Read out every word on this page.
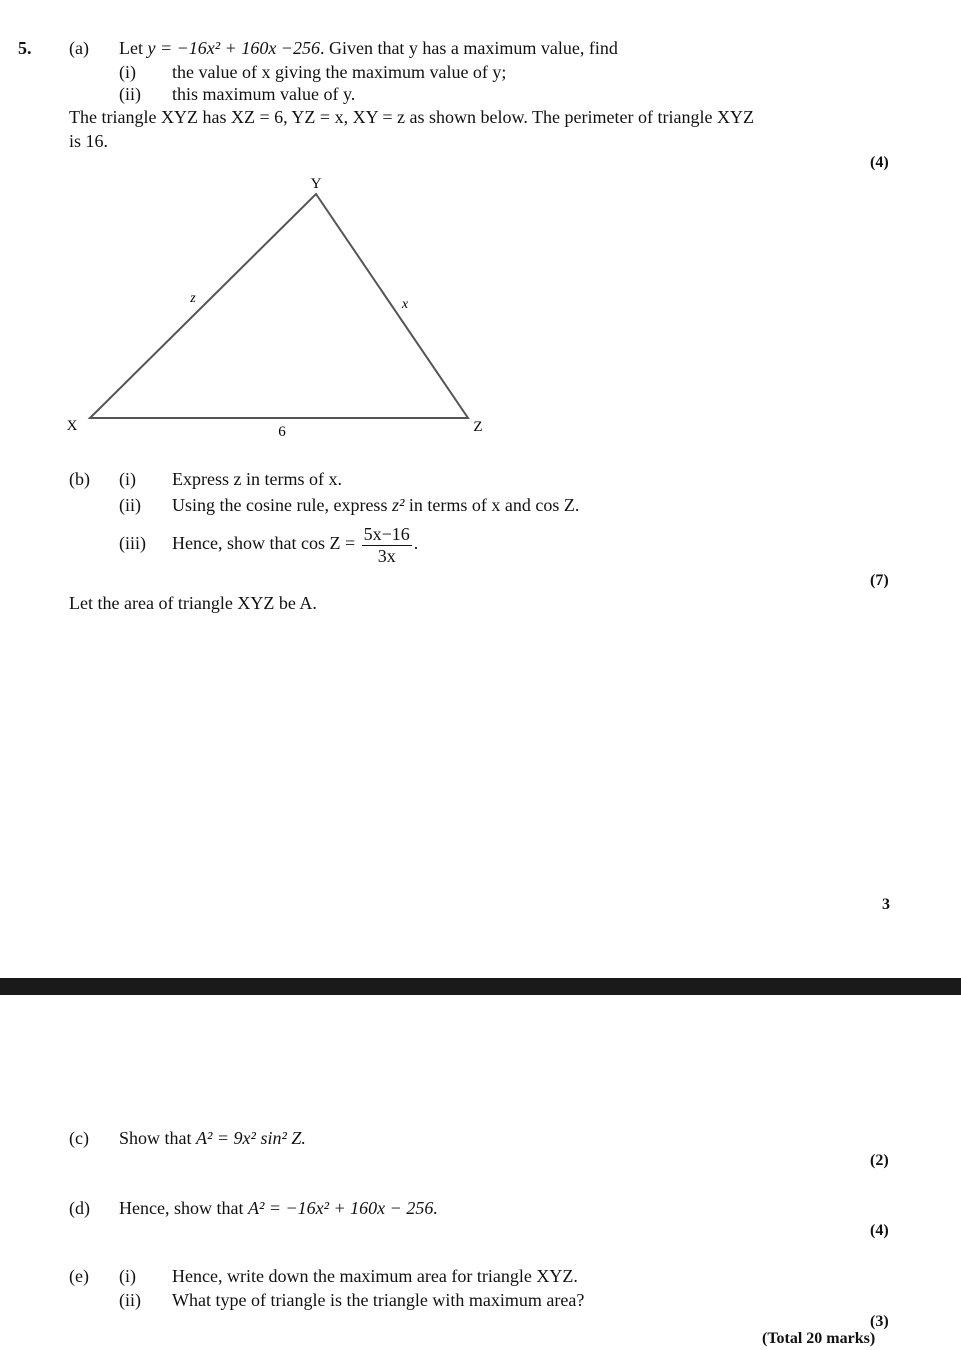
5. (a) Let y = −16x² + 160x −256. Given that y has a maximum value, find
(i) the value of x giving the maximum value of y;
(ii) this maximum value of y.
The triangle XYZ has XZ = 6, YZ = x, XY = z as shown below. The perimeter of triangle XYZ
is 16.
(4)
Y
X	Z
z	x
6
(b) (i) Express z in terms of x.
(ii) Using the cosine rule, express z² in terms of x and cos Z.
(iii) Hence, show that $\cos Z = \frac{5x-16}{3x}$ .
(7)
Let the area of triangle XYZ be A.
3
(c) Show that A² = 9x² sin² Z.
(2)
(d) Hence, show that A² = −16x² + 160x − 256.
(4)
(e) (i) Hence, write down the maximum area for triangle XYZ.
(ii) What type of triangle is the triangle with maximum area?
(3)
(Total 20 marks)
